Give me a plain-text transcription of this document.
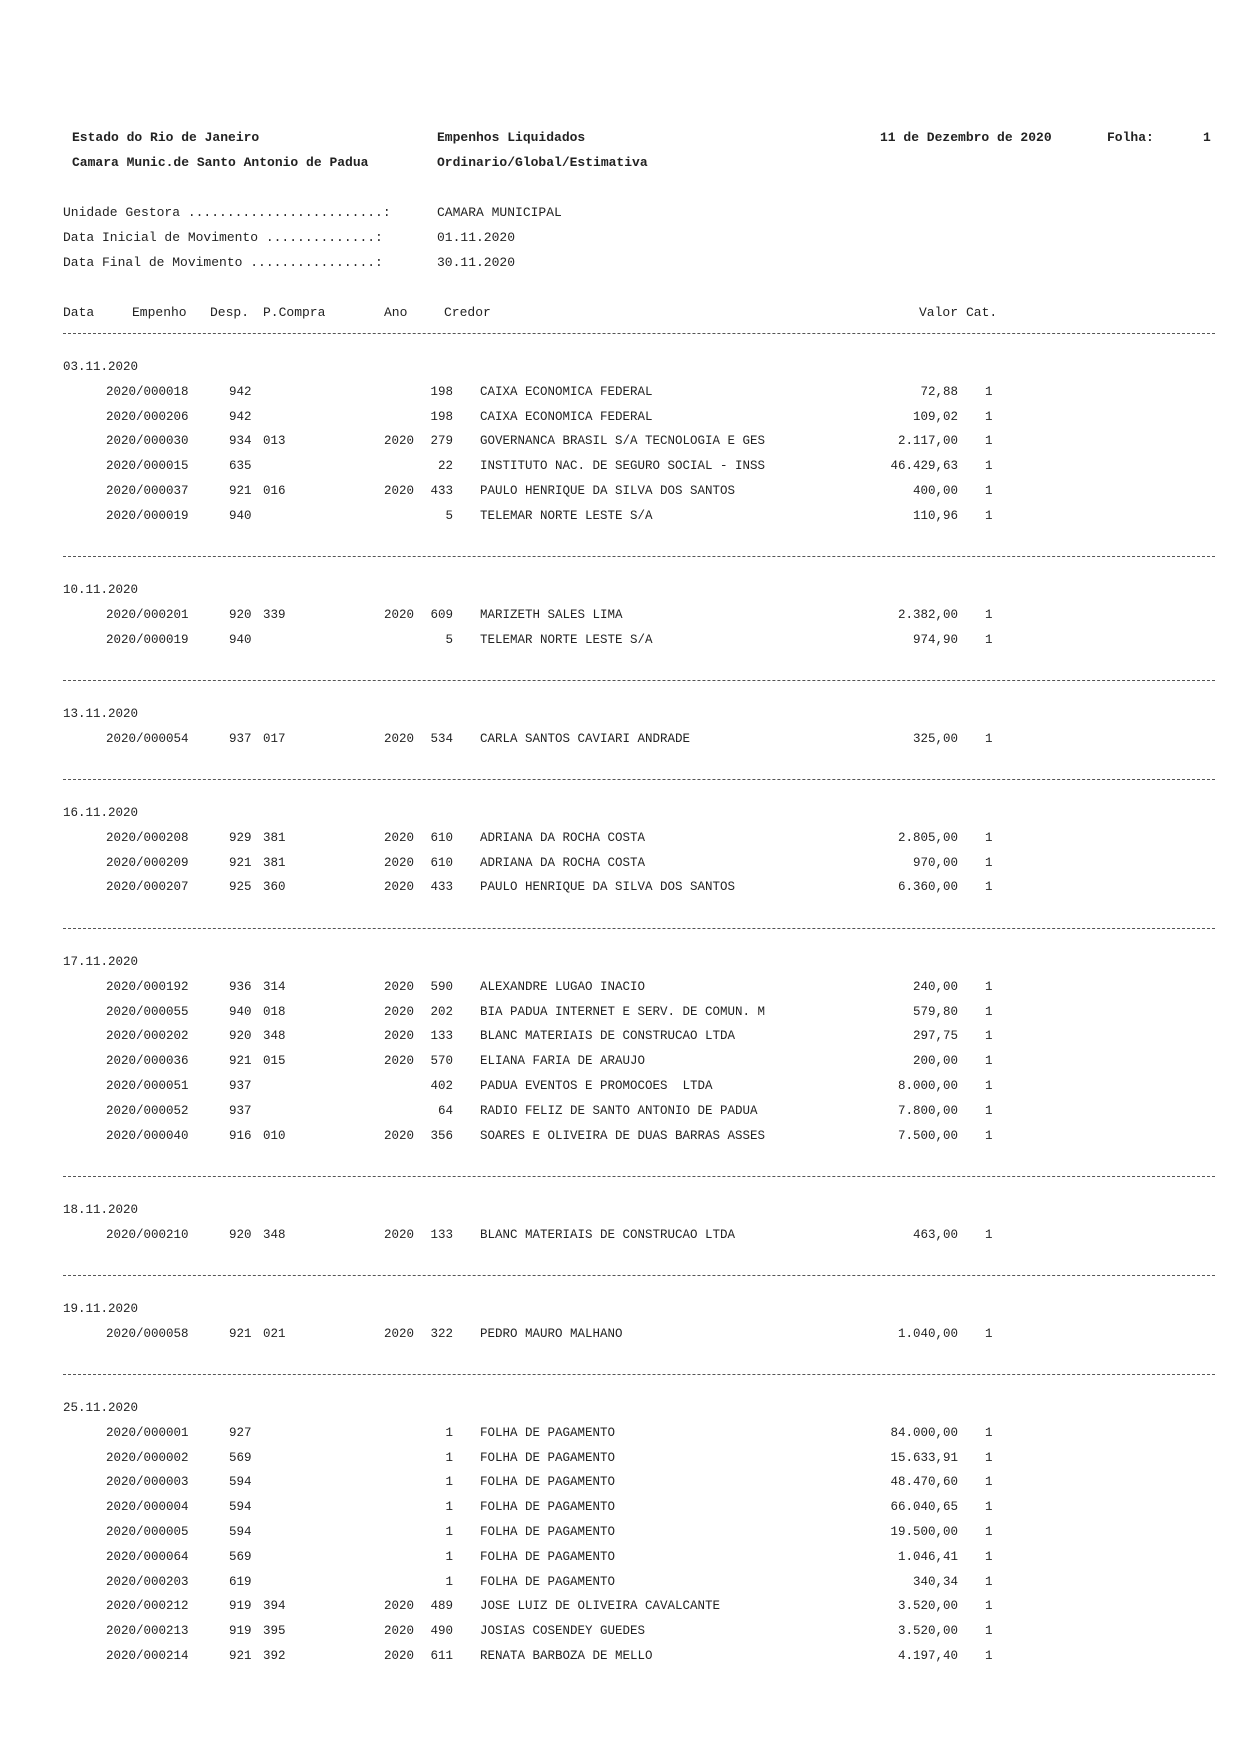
Estado do Rio de Janeiro
Camara Munic.de Santo Antonio de Padua
Empenhos Liquidados
Ordinario/Global/Estimativa
11 de Dezembro de 2020	Folha:	1
Unidade Gestora .........................:	CAMARA MUNICIPAL
Data Inicial de Movimento ..............:	01.11.2020
Data Final de Movimento ................:	30.11.2020
Data	Empenho Desp. P.Compra	Ano	Credor	Valor Cat.
03.11.2020
2020/000018	942	198 CAIXA ECONOMICA FEDERAL	72,88 1
2020/000206	942	198 CAIXA ECONOMICA FEDERAL	109,02 1
2020/000030	934 013	2020	279 GOVERNANCA BRASIL S/A TECNOLOGIA E GES	2.117,00 1
2020/000015	635	22 INSTITUTO NAC. DE SEGURO SOCIAL - INSS	46.429,63 1
2020/000037	921 016	2020	433 PAULO HENRIQUE DA SILVA DOS SANTOS	400,00 1
2020/000019	940	5 TELEMAR NORTE LESTE S/A	110,96 1
10.11.2020
2020/000201	920 339	2020	609 MARIZETH SALES LIMA	2.382,00 1
2020/000019	940	5 TELEMAR NORTE LESTE S/A	974,90 1
13.11.2020
2020/000054	937 017	2020	534 CARLA SANTOS CAVIARI ANDRADE	325,00 1
16.11.2020
2020/000208	929 381	2020	610 ADRIANA DA ROCHA COSTA	2.805,00 1
2020/000209	921 381	2020	610 ADRIANA DA ROCHA COSTA	970,00 1
2020/000207	925 360	2020	433 PAULO HENRIQUE DA SILVA DOS SANTOS	6.360,00 1
17.11.2020
2020/000192	936 314	2020	590 ALEXANDRE LUGAO INACIO	240,00 1
2020/000055	940 018	2020	202 BIA PADUA INTERNET E SERV. DE COMUN. M	579,80 1
2020/000202	920 348	2020	133 BLANC MATERIAIS DE CONSTRUCAO LTDA	297,75 1
2020/000036	921 015	2020	570 ELIANA FARIA DE ARAUJO	200,00 1
2020/000051	937	402 PADUA EVENTOS E PROMOCOES  LTDA	8.000,00 1
2020/000052	937	64 RADIO FELIZ DE SANTO ANTONIO DE PADUA	7.800,00 1
2020/000040	916 010	2020	356 SOARES E OLIVEIRA DE DUAS BARRAS ASSES	7.500,00 1
18.11.2020
2020/000210	920 348	2020	133 BLANC MATERIAIS DE CONSTRUCAO LTDA	463,00 1
19.11.2020
2020/000058	921 021	2020	322 PEDRO MAURO MALHANO	1.040,00 1
25.11.2020
2020/000001	927	1 FOLHA DE PAGAMENTO	84.000,00 1
2020/000002	569	1 FOLHA DE PAGAMENTO	15.633,91 1
2020/000003	594	1 FOLHA DE PAGAMENTO	48.470,60 1
2020/000004	594	1 FOLHA DE PAGAMENTO	66.040,65 1
2020/000005	594	1 FOLHA DE PAGAMENTO	19.500,00 1
2020/000064	569	1 FOLHA DE PAGAMENTO	1.046,41 1
2020/000203	619	1 FOLHA DE PAGAMENTO	340,34 1
2020/000212	919 394	2020	489 JOSE LUIZ DE OLIVEIRA CAVALCANTE	3.520,00 1
2020/000213	919 395	2020	490 JOSIAS COSENDEY GUEDES	3.520,00 1
2020/000214	921 392	2020	611 RENATA BARBOZA DE MELLO	4.197,40 1
